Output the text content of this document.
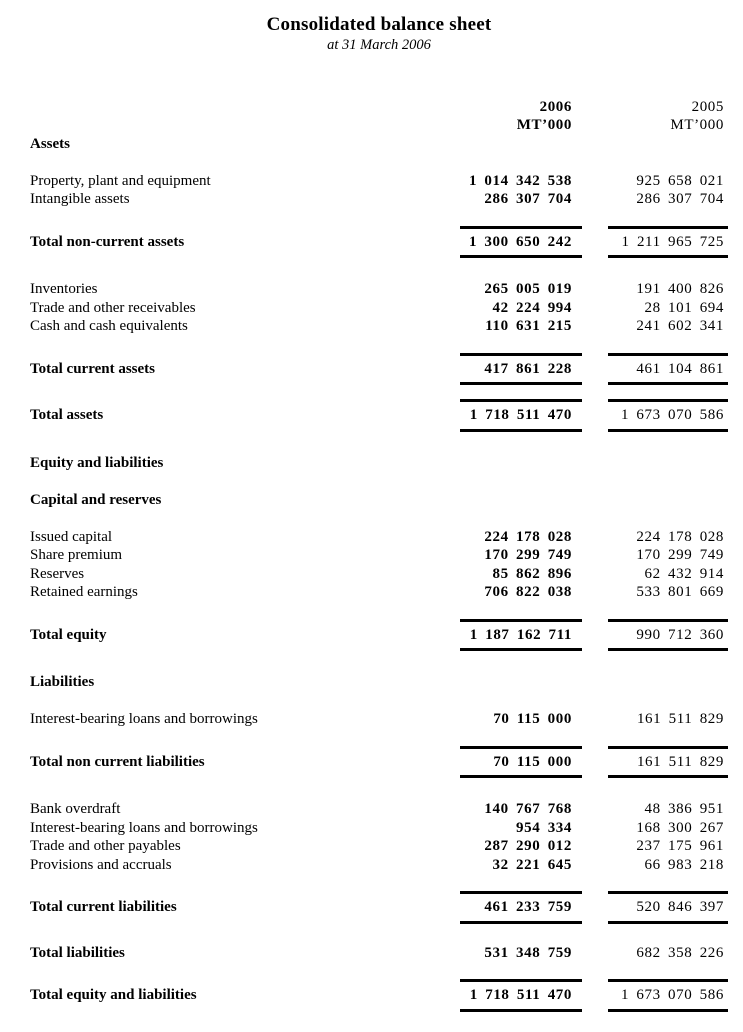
Consolidated balance sheet
at 31 March 2006
2006
MT’000
2005
MT’000
Assets
Property, plant and equipment	1 014 342 538	925 658 021
Intangible assets	286 307 704	286 307 704
Total non-current assets	1 300 650 242	1 211 965 725
Inventories	265 005 019	191 400 826
Trade and other receivables	42 224 994	28 101 694
Cash and cash equivalents	110 631 215	241 602 341
Total current assets	417 861 228	461 104 861
Total assets	1 718 511 470	1 673 070 586
Equity and liabilities
Capital and reserves
Issued capital	224 178 028	224 178 028
Share premium	170 299 749	170 299 749
Reserves	85 862 896	62 432 914
Retained earnings	706 822 038	533 801 669
Total equity	1 187 162 711	990 712 360
Liabilities
Interest-bearing loans and borrowings	70 115 000	161 511 829
Total non current liabilities	70 115 000	161 511 829
Bank overdraft	140 767 768	48 386 951
Interest-bearing loans and borrowings	954 334	168 300 267
Trade and other payables	287 290 012	237 175 961
Provisions and accruals	32 221 645	66 983 218
Total current liabilities	461 233 759	520 846 397
Total liabilities	531 348 759	682 358 226
Total equity and liabilities	1 718 511 470	1 673 070 586
